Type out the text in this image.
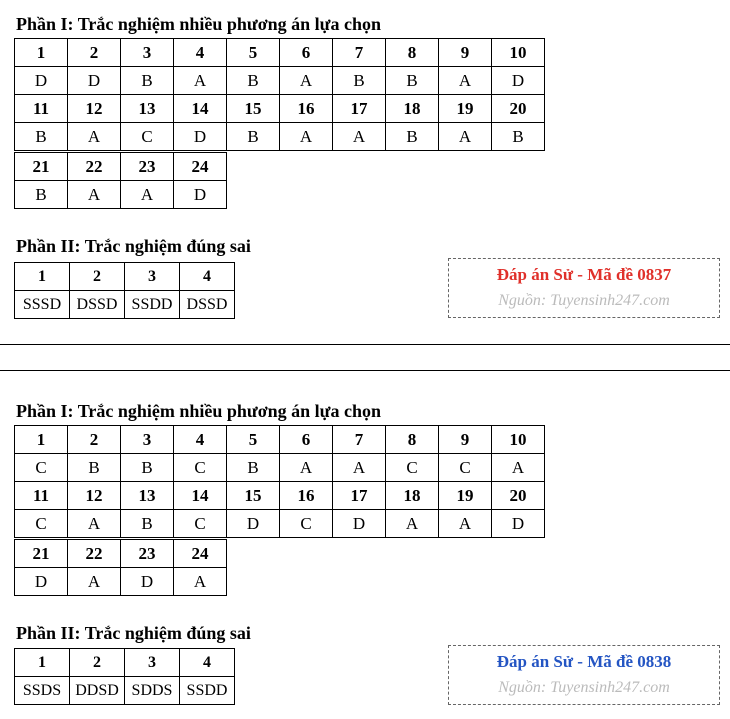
Phần I: Trắc nghiệm nhiều phương án lựa chọn
1	2	3	4	5	6	7	8	9	10
D	D	B	A	B	A	B	B	A	D
11	12	13	14	15	16	17	18	19	20
B	A	C	D	B	A	A	B	A	B
21	22	23	24
B	A	A	D
Phần II: Trắc nghiệm đúng sai
1	2	3	4
SSSD	DSSD	SSDD	DSSD
Đáp án Sử - Mã đề 0837
Nguồn: Tuyensinh247.com
Phần I: Trắc nghiệm nhiều phương án lựa chọn
1	2	3	4	5	6	7	8	9	10
C	B	B	C	B	A	A	C	C	A
11	12	13	14	15	16	17	18	19	20
C	A	B	C	D	C	D	A	A	D
21	22	23	24
D	A	D	A
Phần II: Trắc nghiệm đúng sai
1	2	3	4
SSDS	DDSD	SDDS	SSDD
Đáp án Sử - Mã đề 0838
Nguồn: Tuyensinh247.com
